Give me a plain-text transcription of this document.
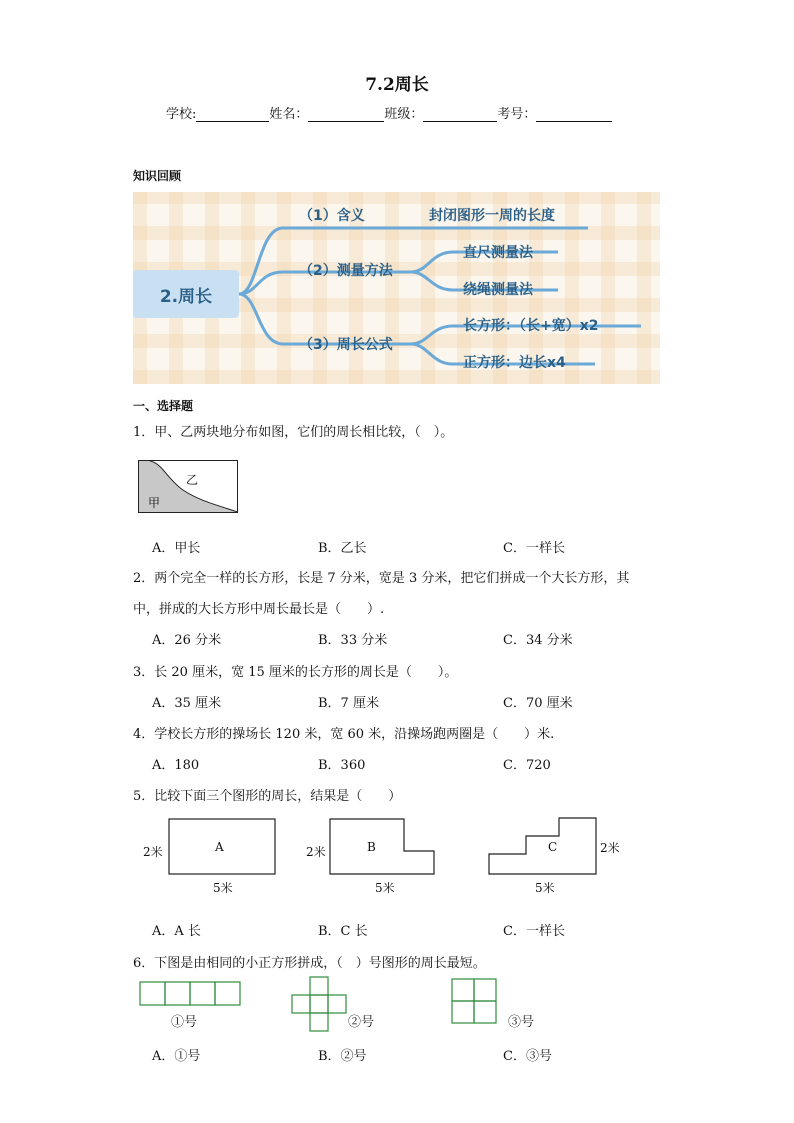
7.2周长
学校:	姓名：	班级：	考号：
知识回顾
2.周长
（1）含义	封闭图形一周的长度
（2）测量方法
直尺测量法
绕绳测量法
（3）周长公式
长方形：（长+宽）x2
正方形：边长x4
一、选择题
1．甲、乙两块地分布如图，它们的周长相比较，（　）。
乙
甲
A．甲长	B．乙长	C．一样长
2．两个完全一样的长方形，长是 7 分米，宽是 3 分米，把它们拼成一个大长方形，其
中，拼成的大长方形中周长最长是（　　）.
A．26 分米	B．33 分米	C．34 分米
3．长 20 厘米，宽 15 厘米的长方形的周长是（　　）。
A．35 厘米	B．7 厘米	C．70 厘米
4．学校长方形的操场长 120 米，宽 60 米，沿操场跑两圈是（　　）米.
A．180	B．360	C．720
5．比较下面三个图形的周长，结果是（　　）
A
2米
5米
B
2米
5米
C	2米
5米
A．A 长	B．C 长	C．一样长
6．下图是由相同的小正方形拼成，（　）号图形的周长最短。
①号	②号	③号
A．①号	B．②号	C．③号
